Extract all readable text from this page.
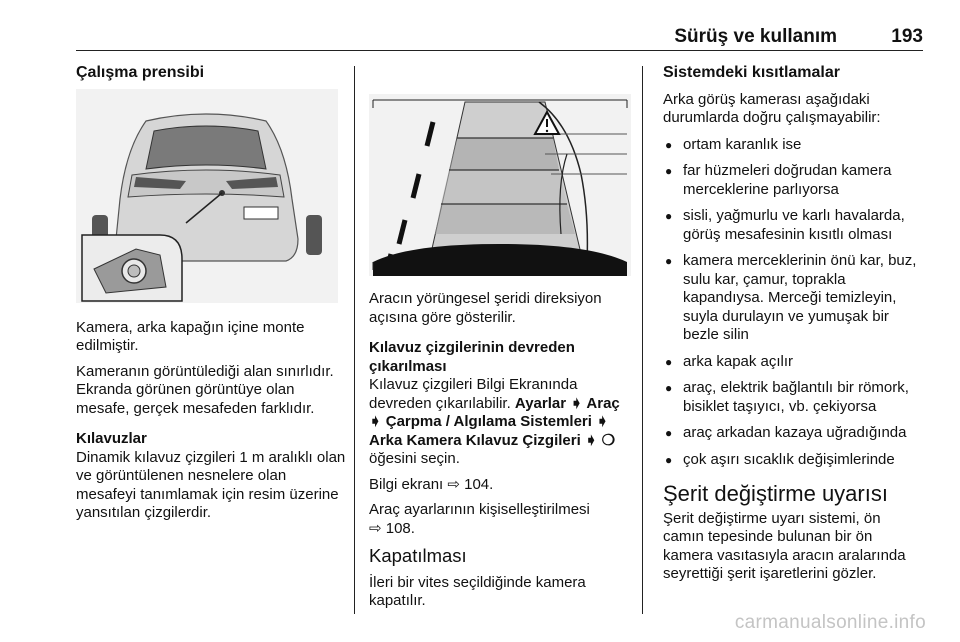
Sürüş ve kullanım	193
Çalışma prensibi

Kamera, arka kapağın içine monte edilmiştir.

Kameranın görüntülediği alan sınırlıdır. Ekranda görünen görüntüye olan mesafe, gerçek mesafeden farklıdır.

Kılavuzlar

Dinamik kılavuz çizgileri 1 m aralıklı olan ve görüntülenen nesnelere olan mesafeyi tanımlamak için resim üzerine yansıtılan çizgilerdir.

Aracın yörüngesel şeridi direksiyon açısına göre gösterilir.

Kılavuz çizgilerinin devreden çıkarılması

Kılavuz çizgileri Bilgi Ekranında devreden çıkarılabilir. Ayarlar ➧ Araç ➧ Çarpma / Algılama Sistemleri ➧ Arka Kamera Kılavuz Çizgileri ➧ ❍ öğesini seçin.

Bilgi ekranı ⇨ 104.

Araç ayarlarının kişiselleştirilmesi
⇨ 108.

Kapatılması

İleri bir vites seçildiğinde kamera kapatılır.

Sistemdeki kısıtlamalar

Arka görüş kamerası aşağıdaki durumlarda doğru çalışmayabilir:

● ortam karanlık ise
● far hüzmeleri doğrudan kamera merceklerine parlıyorsa
● sisli, yağmurlu ve karlı havalarda, görüş mesafesinin kısıtlı olması
● kamera merceklerinin önü kar, buz, sulu kar, çamur, toprakla kapandıysa. Merceği temizleyin, suyla durulayın ve yumuşak bir bezle silin
● arka kapak açılır
● araç, elektrik bağlantılı bir römork, bisiklet taşıyıcı, vb. çekiyorsa
● araç arkadan kazaya uğradığında
● çok aşırı sıcaklık değişimlerinde
Şerit değiştirme uyarısı

Şerit değiştirme uyarı sistemi, ön camın tepesinde bulunan bir ön kamera vasıtasıyla aracın aralarında seyrettiği şerit işaretlerini gözler.

carmanualsonline.info
